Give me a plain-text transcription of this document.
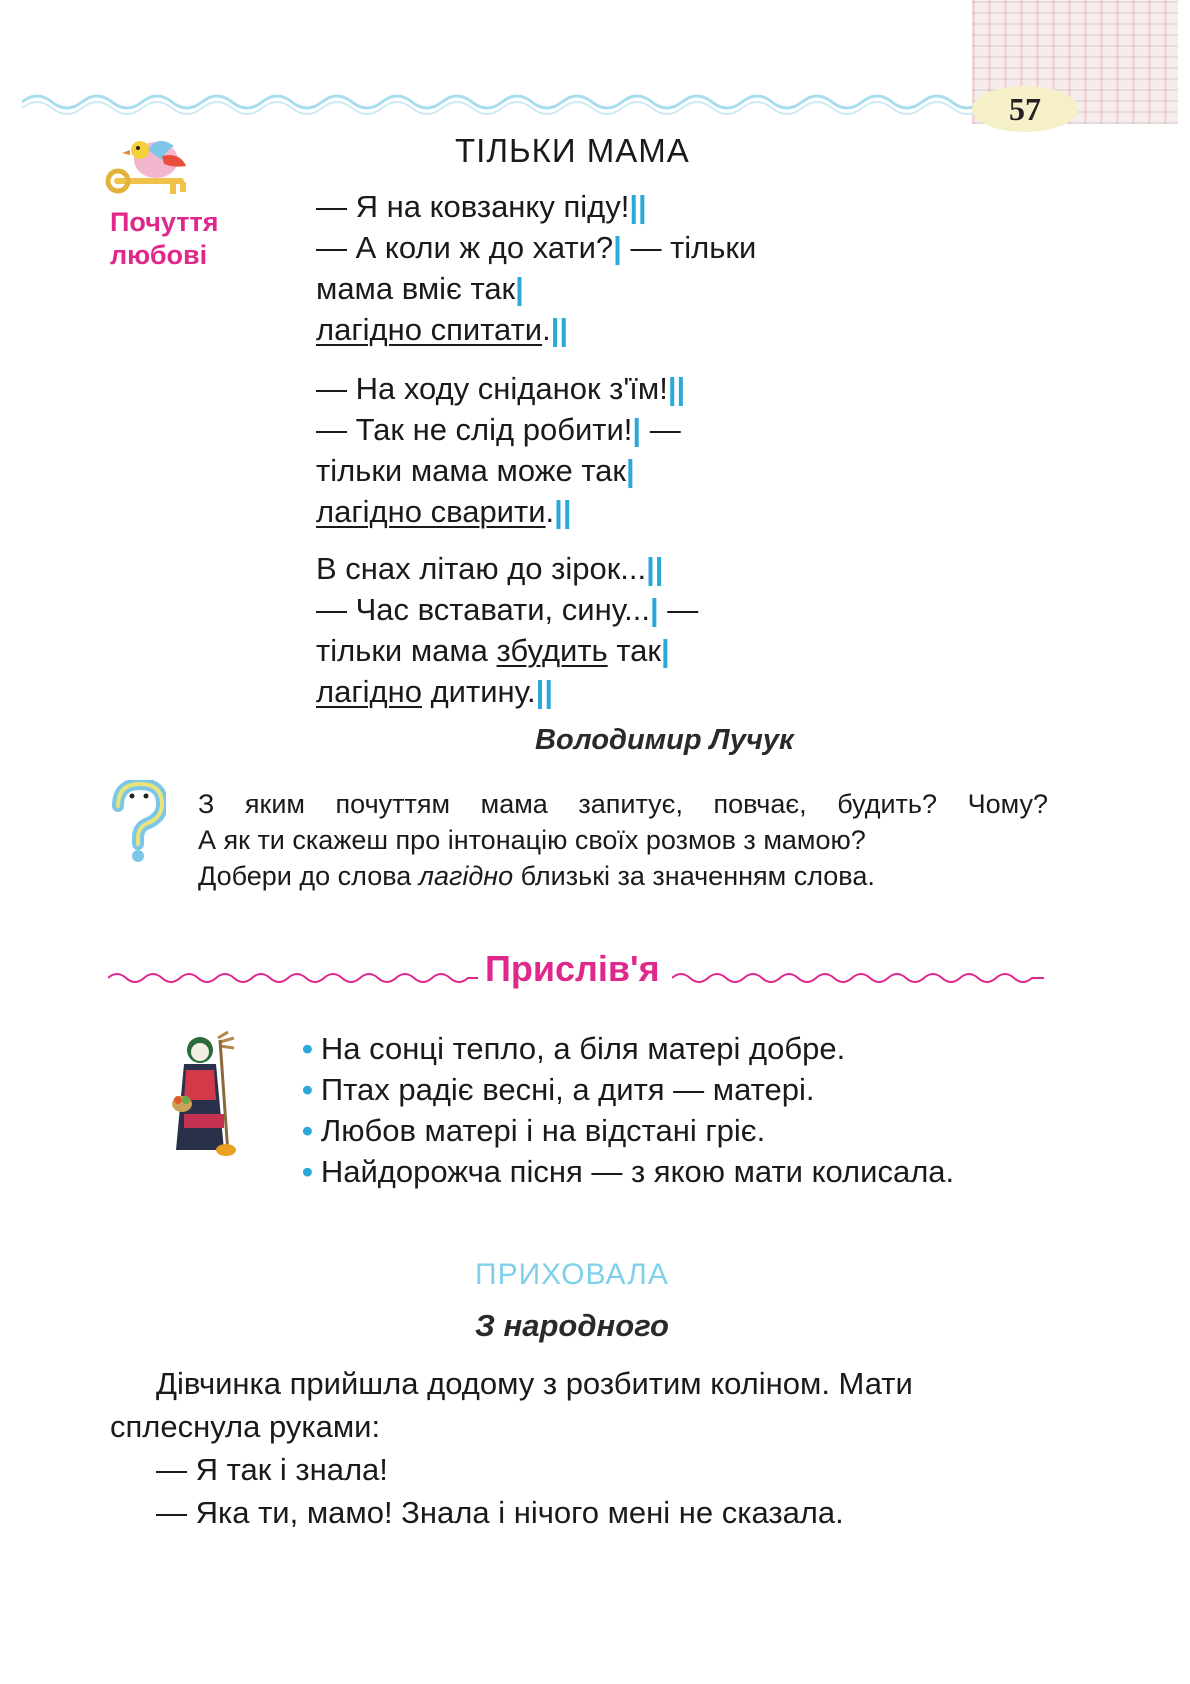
57
ТІЛЬКИ МАМА
Почуття
любові
— Я на ковзанку піду!||
— А коли ж до хати?| — тільки
мама вміє так|
лагідно спитати.||
— На ходу сніданок з'їм!||
— Так не слід робити!| —
тільки мама може так|
лагідно сварити.||
В снах літаю до зірок...||
— Час вставати, сину...| —
тільки мама збудить так|
лагідно дитину.||
Володимир Лучук
З яким почуттям мама запитує, повчає, будить? Чому?
А як ти скажеш про інтонацію своїх розмов з мамою?
Добери до слова лагідно близькі за значенням слова.
Прислів'я
• На сонці тепло, а біля матері добре.
• Птах радіє весні, а дитя — матері.
• Любов матері і на відстані гріє.
• Найдорожча пісня — з якою мати колисала.
ПРИХОВАЛА
З народного

Дівчинка прийшла додому з розбитим коліном. Мати сплеснула руками:

— Я так і знала!

— Яка ти, мамо! Знала і нічого мені не сказала.
